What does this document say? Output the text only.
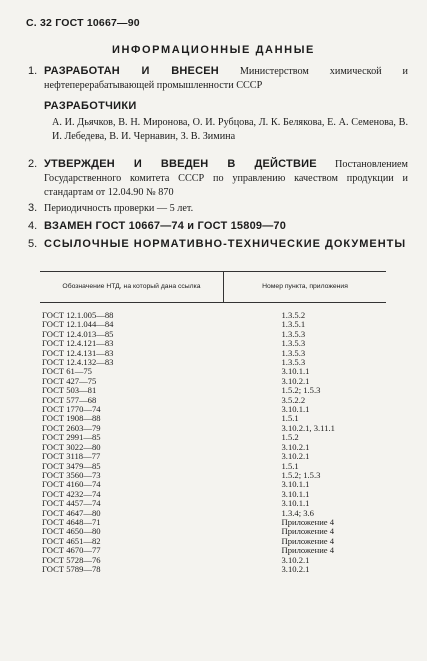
С. 32 ГОСТ 10667—90
ИНФОРМАЦИОННЫЕ ДАННЫЕ
1. РАЗРАБОТАН И ВНЕСЕН Министерством химической и нефтеперерабатывающей промышленности СССР
РАЗРАБОТЧИКИ
А. И. Дьячков, В. Н. Миронова, О. И. Рубцова, Л. К. Белякова, Е. А. Семенова, В. И. Лебедева, В. И. Чернавин, З. В. Зимина
2. УТВЕРЖДЕН И ВВЕДЕН В ДЕЙСТВИЕ Постановлением Государственного комитета СССР по управлению качеством продукции и стандартам от 12.04.90 № 870
3. Периодичность проверки — 5 лет.
4. ВЗАМЕН ГОСТ 10667—74 и ГОСТ 15809—70
5. ССЫЛОЧНЫЕ НОРМАТИВНО-ТЕХНИЧЕСКИЕ ДОКУМЕНТЫ
Обозначение НТД, на который дана ссылка	Номер пункта, приложения
ГОСТ 12.1.005—88	1.3.5.2
ГОСТ 12.1.044—84	1.3.5.1
ГОСТ 12.4.013—85	1.3.5.3
ГОСТ 12.4.121—83	1.3.5.3
ГОСТ 12.4.131—83	1.3.5.3
ГОСТ 12.4.132—83	1.3.5.3
ГОСТ 61—75	3.10.1.1
ГОСТ 427—75	3.10.2.1
ГОСТ 503—81	1.5.2; 1.5.3
ГОСТ 577—68	3.5.2.2
ГОСТ 1770—74	3.10.1.1
ГОСТ 1908—88	1.5.1
ГОСТ 2603—79	3.10.2.1, 3.11.1
ГОСТ 2991—85	1.5.2
ГОСТ 3022—80	3.10.2.1
ГОСТ 3118—77	3.10.2.1
ГОСТ 3479—85	1.5.1
ГОСТ 3560—73	1.5.2; 1.5.3
ГОСТ 4160—74	3.10.1.1
ГОСТ 4232—74	3.10.1.1
ГОСТ 4457—74	3.10.1.1
ГОСТ 4647—80	1.3.4; 3.6
ГОСТ 4648—71	Приложение 4
ГОСТ 4650—80	Приложение 4
ГОСТ 4651—82	Приложение 4
ГОСТ 4670—77	Приложение 4
ГОСТ 5728—76	3.10.2.1
ГОСТ 5789—78	3.10.2.1
